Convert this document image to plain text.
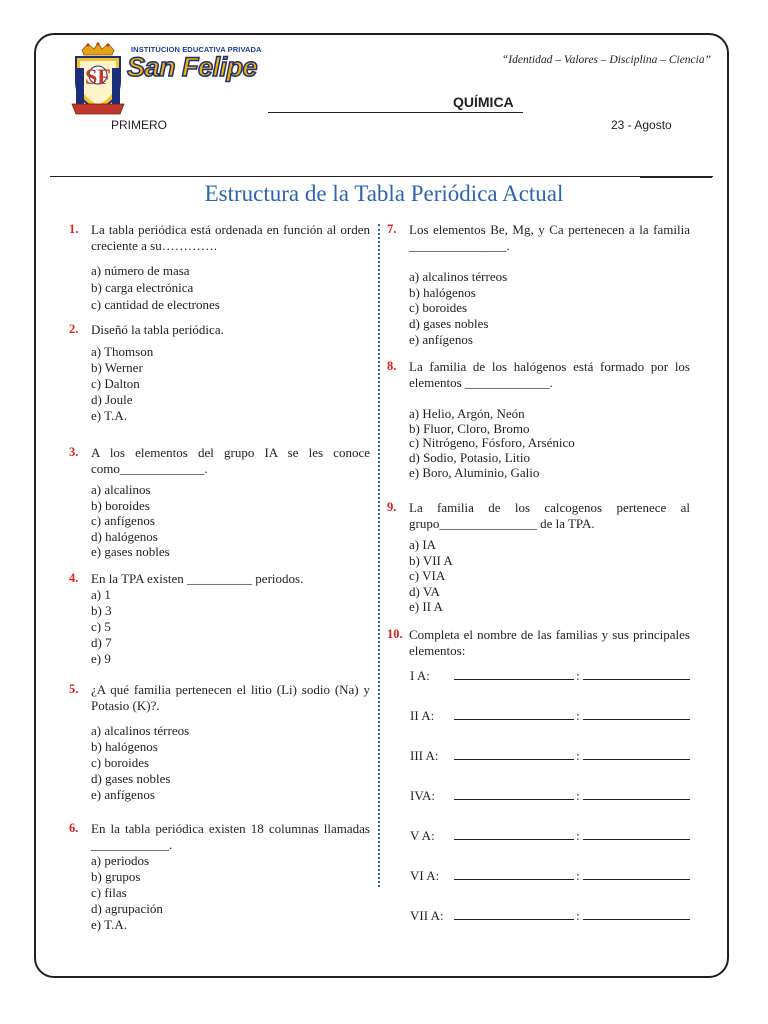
SF
INSTITUCION EDUCATIVA PRIVADA
San Felipe	“Identidad – Valores – Disciplina – Ciencia”
QUÍMICA
PRIMERO	23 - Agosto
Estructura de la Tabla Periódica Actual
1. La tabla periódica está ordenada en función al orden creciente a su………….
a) número de masa
b) carga electrónica
c) cantidad de electrones
2. Diseñó la tabla periódica.
a) Thomson
b) Werner
c) Dalton
d) Joule
e) T.A.
3. A los elementos del grupo IA se les conoce como_____________.
a) alcalinos
b) boroides
c) anfígenos
d) halógenos
e) gases nobles
4. En la TPA existen __________ periodos.
a) 1
b) 3
c) 5
d) 7
e) 9
5. ¿A qué familia pertenecen el litio (Li) sodio (Na) y Potasio (K)?.
a) alcalinos térreos
b) halógenos
c) boroides
d) gases nobles
e) anfígenos
6. En la tabla periódica existen 18 columnas llamadas ____________.
a) periodos
b) grupos
c) filas
d) agrupación
e) T.A.
7. Los elementos Be, Mg, y Ca pertenecen a la familia _______________.
a) alcalinos térreos
b) halógenos
c) boroides
d) gases nobles
e) anfígenos
8. La familia de los halógenos está formado por los elementos _____________.
a) Helio, Argón, Neón
b) Fluor, Cloro, Bromo
c) Nitrógeno, Fósforo, Arsénico
d) Sodio, Potasio, Litio
e) Boro, Aluminio, Galio
9. La familia de los calcogenos pertenece al grupo_______________ de la TPA.
a) IA
b) VII A
c) VIA
d) VA
e) II A
10. Completa el nombre de las familias y sus principales elementos:
I A:	:
II A:	:
III A:	:
IVA:	:
V A:	:
VI A:	:
VII A:	:
